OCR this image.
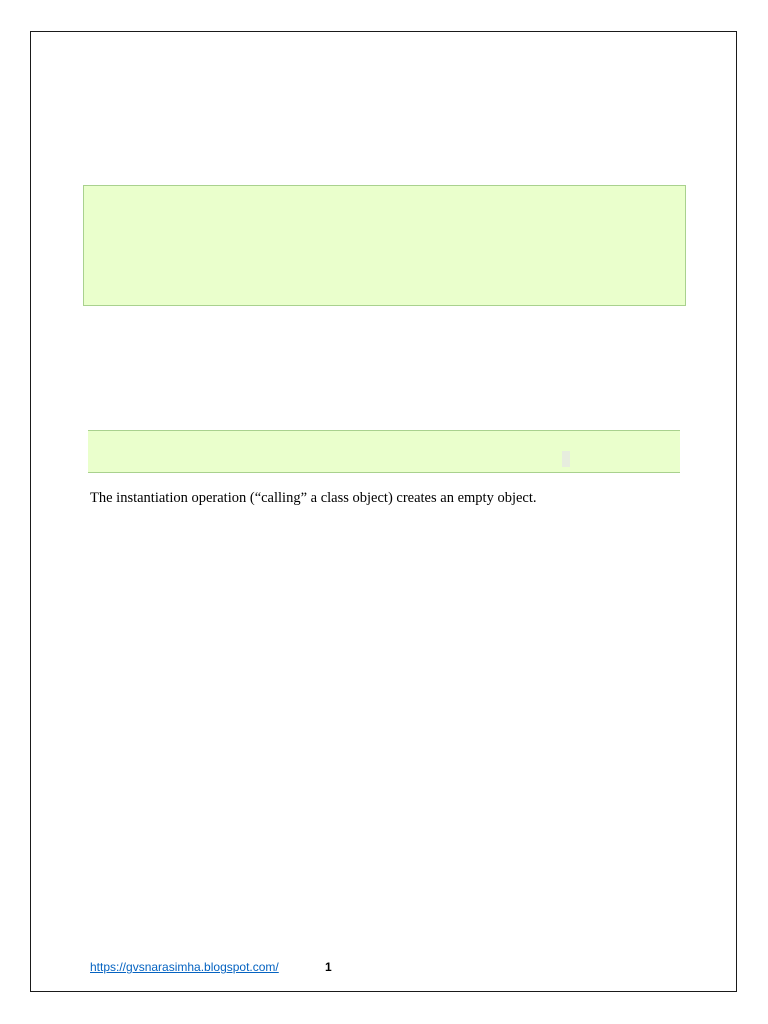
The instantiation operation (“calling” a class object) creates an empty object.
https://gvsnarasimha.blogspot.com/	1
